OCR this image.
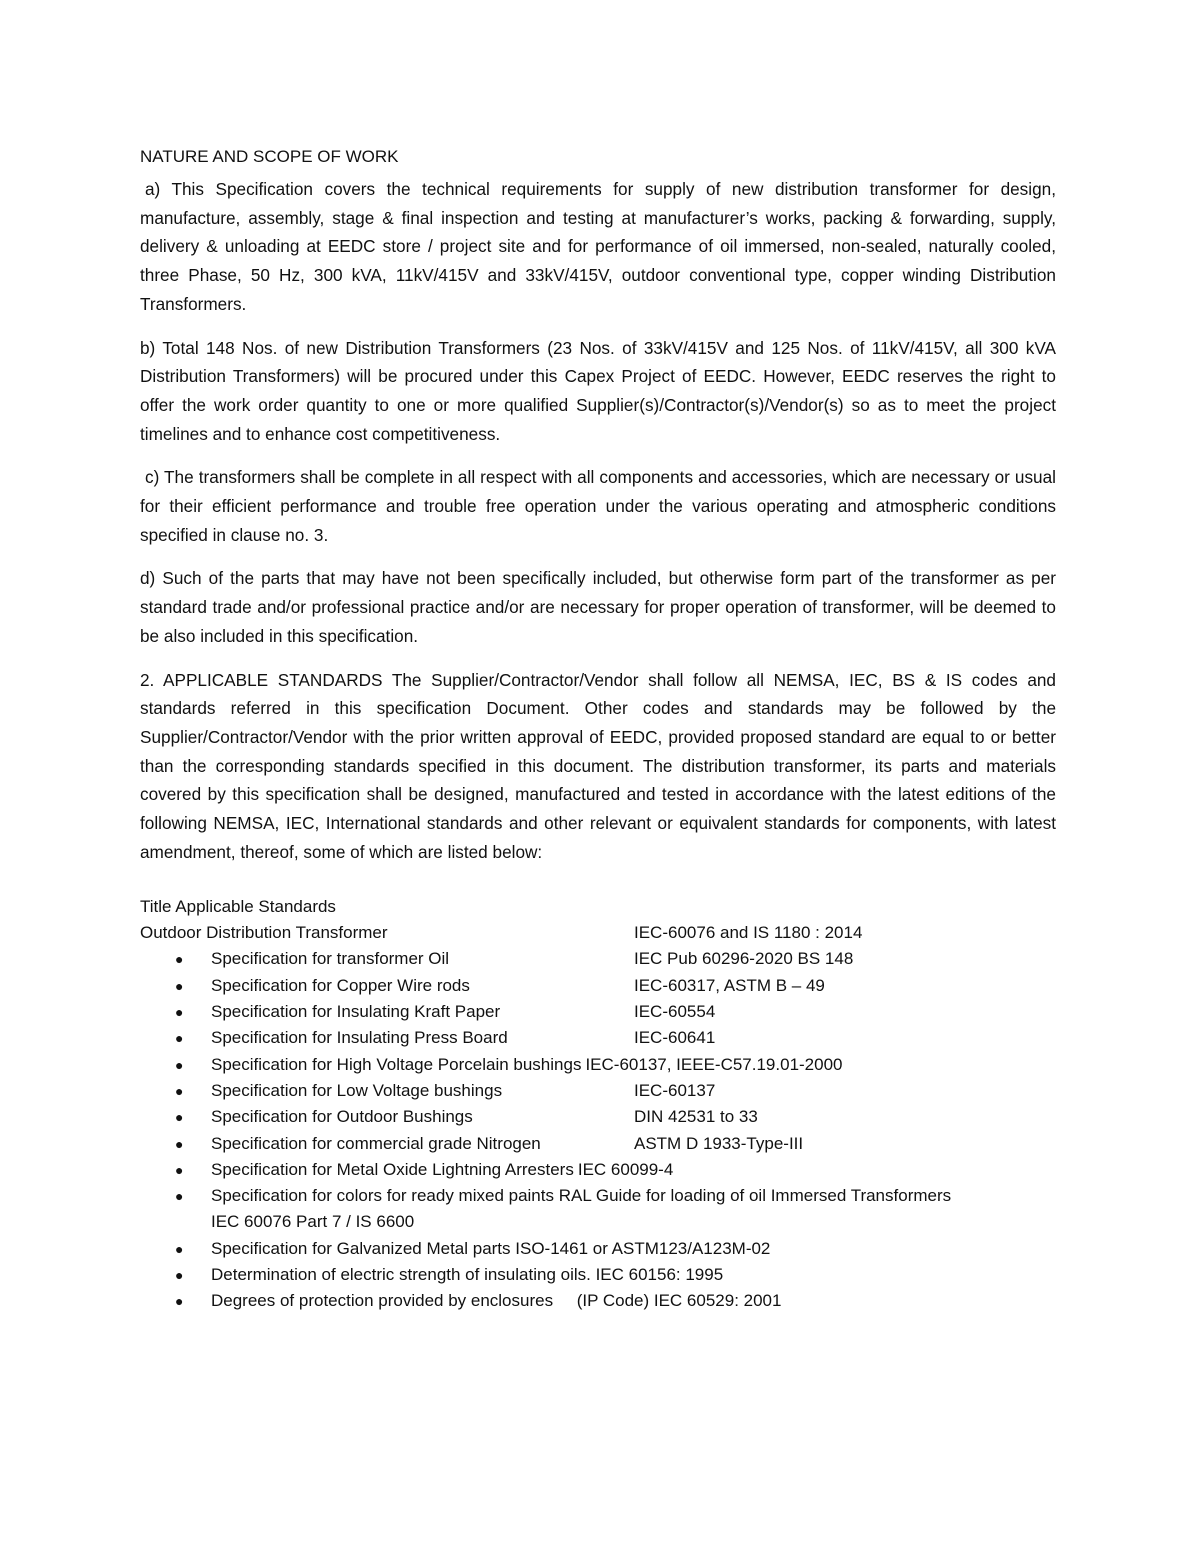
NATURE AND SCOPE OF WORK

a) This Specification covers the technical requirements for supply of new distribution transformer for design, manufacture, assembly, stage & final inspection and testing at manufacturer’s works, packing & forwarding, supply, delivery & unloading at EEDC store / project site and for performance of oil immersed, non-sealed, naturally cooled, three Phase, 50 Hz, 300 kVA, 11kV/415V and 33kV/415V, outdoor conventional type, copper winding Distribution Transformers.

b) Total 148 Nos. of new Distribution Transformers (23 Nos. of 33kV/415V and 125 Nos. of 11kV/415V, all 300 kVA Distribution Transformers) will be procured under this Capex Project of EEDC. However, EEDC reserves the right to offer the work order quantity to one or more qualified Supplier(s)/Contractor(s)/Vendor(s) so as to meet the project timelines and to enhance cost competitiveness.

c) The transformers shall be complete in all respect with all components and accessories, which are necessary or usual for their efficient performance and trouble free operation under the various operating and atmospheric conditions specified in clause no. 3.

d) Such of the parts that may have not been specifically included, but otherwise form part of the transformer as per standard trade and/or professional practice and/or are necessary for proper operation of transformer, will be deemed to be also included in this specification.

2. APPLICABLE STANDARDS The Supplier/Contractor/Vendor shall follow all NEMSA, IEC, BS & IS codes and standards referred in this specification Document. Other codes and standards may be followed by the Supplier/Contractor/Vendor with the prior written approval of EEDC, provided proposed standard are equal to or better than the corresponding standards specified in this document. The distribution transformer, its parts and materials covered by this specification shall be designed, manufactured and tested in accordance with the latest editions of the following NEMSA, IEC, International standards and other relevant or equivalent standards for components, with latest amendment, thereof, some of which are listed below:

Title Applicable Standards
Outdoor Distribution Transformer	IEC-60076 and IS 1180 : 2014
● Specification for transformer Oil	IEC Pub 60296-2020 BS 148
● Specification for Copper Wire rods	IEC-60317, ASTM B – 49
● Specification for Insulating Kraft Paper	IEC-60554
● Specification for Insulating Press Board	IEC-60641
● Specification for High Voltage Porcelain bushings IEC-60137, IEEE-C57.19.01-2000
● Specification for Low Voltage bushings	IEC-60137
● Specification for Outdoor Bushings	DIN 42531 to 33
● Specification for commercial grade Nitrogen	ASTM D 1933-Type-III
● Specification for Metal Oxide Lightning Arresters IEC 60099-4
● Specification for colors for ready mixed paints RAL Guide for loading of oil Immersed Transformers IEC 60076 Part 7 / IS 6600
● Specification for Galvanized Metal parts ISO-1461 or ASTM123/A123M-02
● Determination of electric strength of insulating oils. IEC 60156: 1995
● Degrees of protection provided by enclosures     (IP Code) IEC 60529: 2001
